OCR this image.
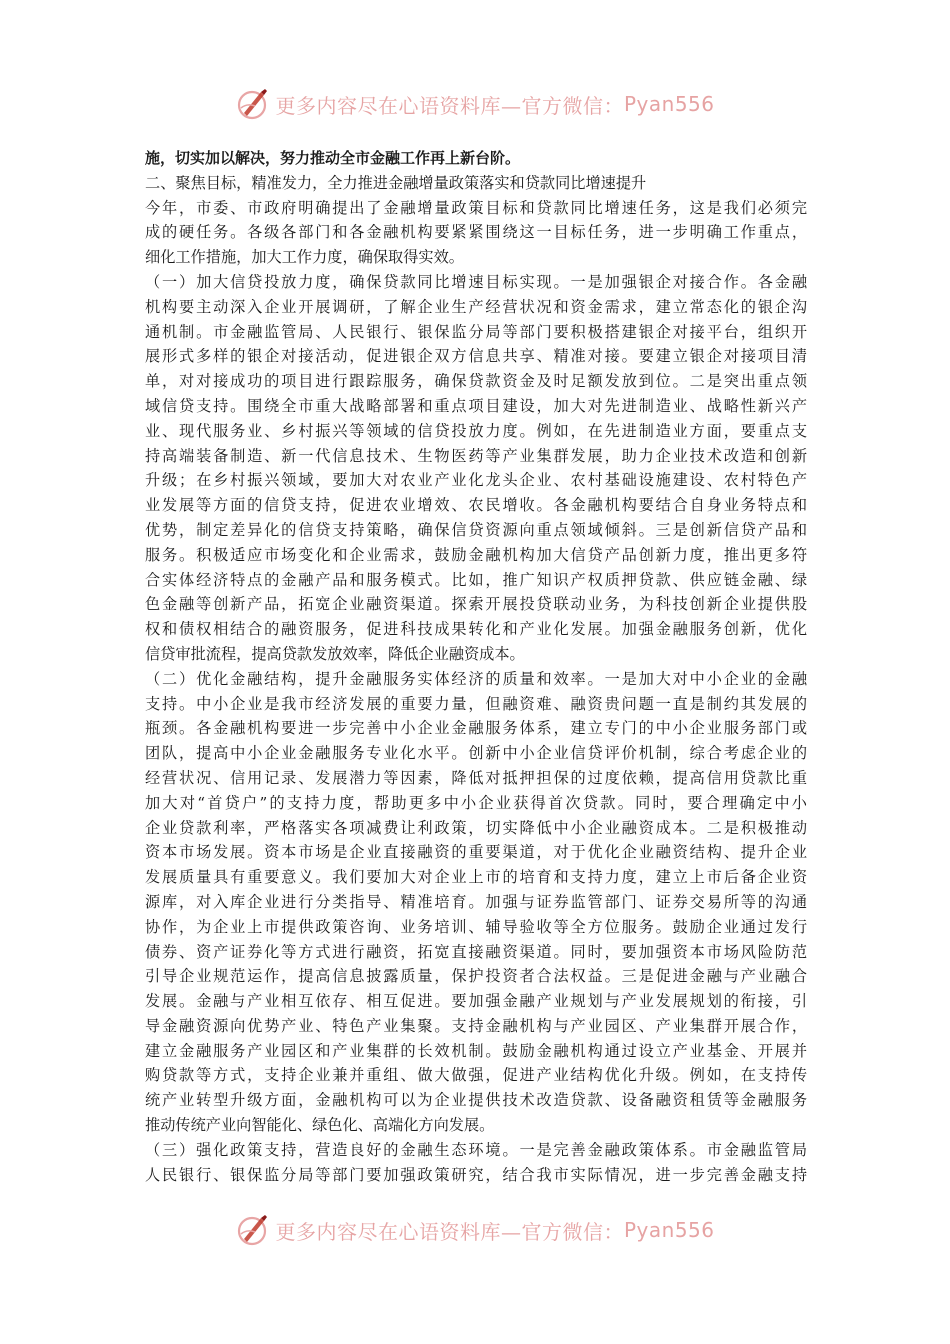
更多内容尽在心语资料库—官方微信： Pyan556
施，切实加以解决，努力推动全市金融工作再上新台阶。
二、聚焦目标，精准发力，全力推进金融增量政策落实和贷款同比增速提升
今年，市委、市政府明确提出了金融增量政策目标和贷款同比增速任务，这是我们必须完
成的硬任务。各级各部门和各金融机构要紧紧围绕这一目标任务，进一步明确工作重点，
细化工作措施，加大工作力度，确保取得实效。
（一）加大信贷投放力度，确保贷款同比增速目标实现。一是加强银企对接合作。各金融
机构要主动深入企业开展调研，了解企业生产经营状况和资金需求，建立常态化的银企沟
通机制。市金融监管局、人民银行、银保监分局等部门要积极搭建银企对接平台，组织开
展形式多样的银企对接活动，促进银企双方信息共享、精准对接。要建立银企对接项目清
单，对对接成功的项目进行跟踪服务，确保贷款资金及时足额发放到位。二是突出重点领
域信贷支持。围绕全市重大战略部署和重点项目建设，加大对先进制造业、战略性新兴产
业、现代服务业、乡村振兴等领域的信贷投放力度。例如，在先进制造业方面，要重点支
持高端装备制造、新一代信息技术、生物医药等产业集群发展，助力企业技术改造和创新
升级；在乡村振兴领域，要加大对农业产业化龙头企业、农村基础设施建设、农村特色产
业发展等方面的信贷支持，促进农业增效、农民增收。各金融机构要结合自身业务特点和
优势，制定差异化的信贷支持策略，确保信贷资源向重点领域倾斜。三是创新信贷产品和
服务。积极适应市场变化和企业需求，鼓励金融机构加大信贷产品创新力度，推出更多符
合实体经济特点的金融产品和服务模式。比如，推广知识产权质押贷款、供应链金融、绿
色金融等创新产品，拓宽企业融资渠道。探索开展投贷联动业务，为科技创新企业提供股
权和债权相结合的融资服务，促进科技成果转化和产业化发展。加强金融服务创新，优化
信贷审批流程，提高贷款发放效率，降低企业融资成本。
（二）优化金融结构，提升金融服务实体经济的质量和效率。一是加大对中小企业的金融
支持。中小企业是我市经济发展的重要力量，但融资难、融资贵问题一直是制约其发展的
瓶颈。各金融机构要进一步完善中小企业金融服务体系，建立专门的中小企业服务部门或
团队，提高中小企业金融服务专业化水平。创新中小企业信贷评价机制，综合考虑企业的
经营状况、信用记录、发展潜力等因素，降低对抵押担保的过度依赖，提高信用贷款比重
加大对“首贷户”的支持力度，帮助更多中小企业获得首次贷款。同时，要合理确定中小
企业贷款利率，严格落实各项减费让利政策，切实降低中小企业融资成本。二是积极推动
资本市场发展。资本市场是企业直接融资的重要渠道，对于优化企业融资结构、提升企业
发展质量具有重要意义。我们要加大对企业上市的培育和支持力度，建立上市后备企业资
源库，对入库企业进行分类指导、精准培育。加强与证券监管部门、证券交易所等的沟通
协作，为企业上市提供政策咨询、业务培训、辅导验收等全方位服务。鼓励企业通过发行
债券、资产证券化等方式进行融资，拓宽直接融资渠道。同时，要加强资本市场风险防范
引导企业规范运作，提高信息披露质量，保护投资者合法权益。三是促进金融与产业融合
发展。金融与产业相互依存、相互促进。要加强金融产业规划与产业发展规划的衔接，引
导金融资源向优势产业、特色产业集聚。支持金融机构与产业园区、产业集群开展合作，
建立金融服务产业园区和产业集群的长效机制。鼓励金融机构通过设立产业基金、开展并
购贷款等方式，支持企业兼并重组、做大做强，促进产业结构优化升级。例如，在支持传
统产业转型升级方面，金融机构可以为企业提供技术改造贷款、设备融资租赁等金融服务
推动传统产业向智能化、绿色化、高端化方向发展。
（三）强化政策支持，营造良好的金融生态环境。一是完善金融政策体系。市金融监管局
人民银行、银保监分局等部门要加强政策研究，结合我市实际情况，进一步完善金融支持
更多内容尽在心语资料库—官方微信： Pyan556
